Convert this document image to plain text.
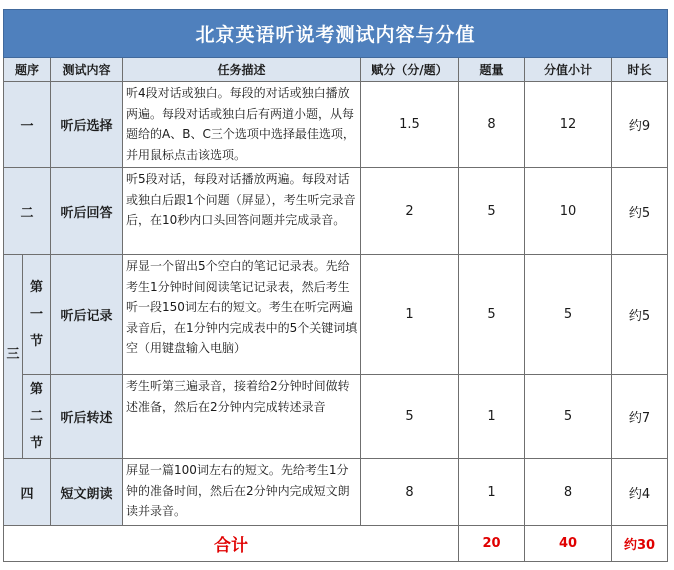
北京英语听说考测试内容与分值							
题序		测试内容	任务描述	赋分（分/题）	题量	分值小计	时长
一		听后选择	听4段对话或独白。每段的对话或独白播放两遍。每段对话或独白后有两道小题，从每题给的A、B、C三个选项中选择最佳选项，并用鼠标点击该选项。	1.5	8	12	约9
二		听后回答	听5段对话，每段对话播放两遍。每段对话或独白后跟1个问题（屏显），考生听完录音后，在10秒内口头回答问题并完成录音。	2	5	10	约5
三	第一节	听后记录	屏显一个留出5个空白的笔记记录表。先给考生1分钟时间阅读笔记记录表，然后考生听一段150词左右的短文。考生在听完两遍录音后，在1分钟内完成表中的5个关键词填空（用键盘输入电脑）	1	5	5	约5
	第二节	听后转述	考生听第三遍录音，接着给2分钟时间做转述准备，然后在2分钟内完成转述录音	5	1	5	约7
四		短文朗读	屏显一篇100词左右的短文。先给考生1分钟的准备时间，然后在2分钟内完成短文朗读并录音。	8	1	8	约4
合计					20	40	约30
